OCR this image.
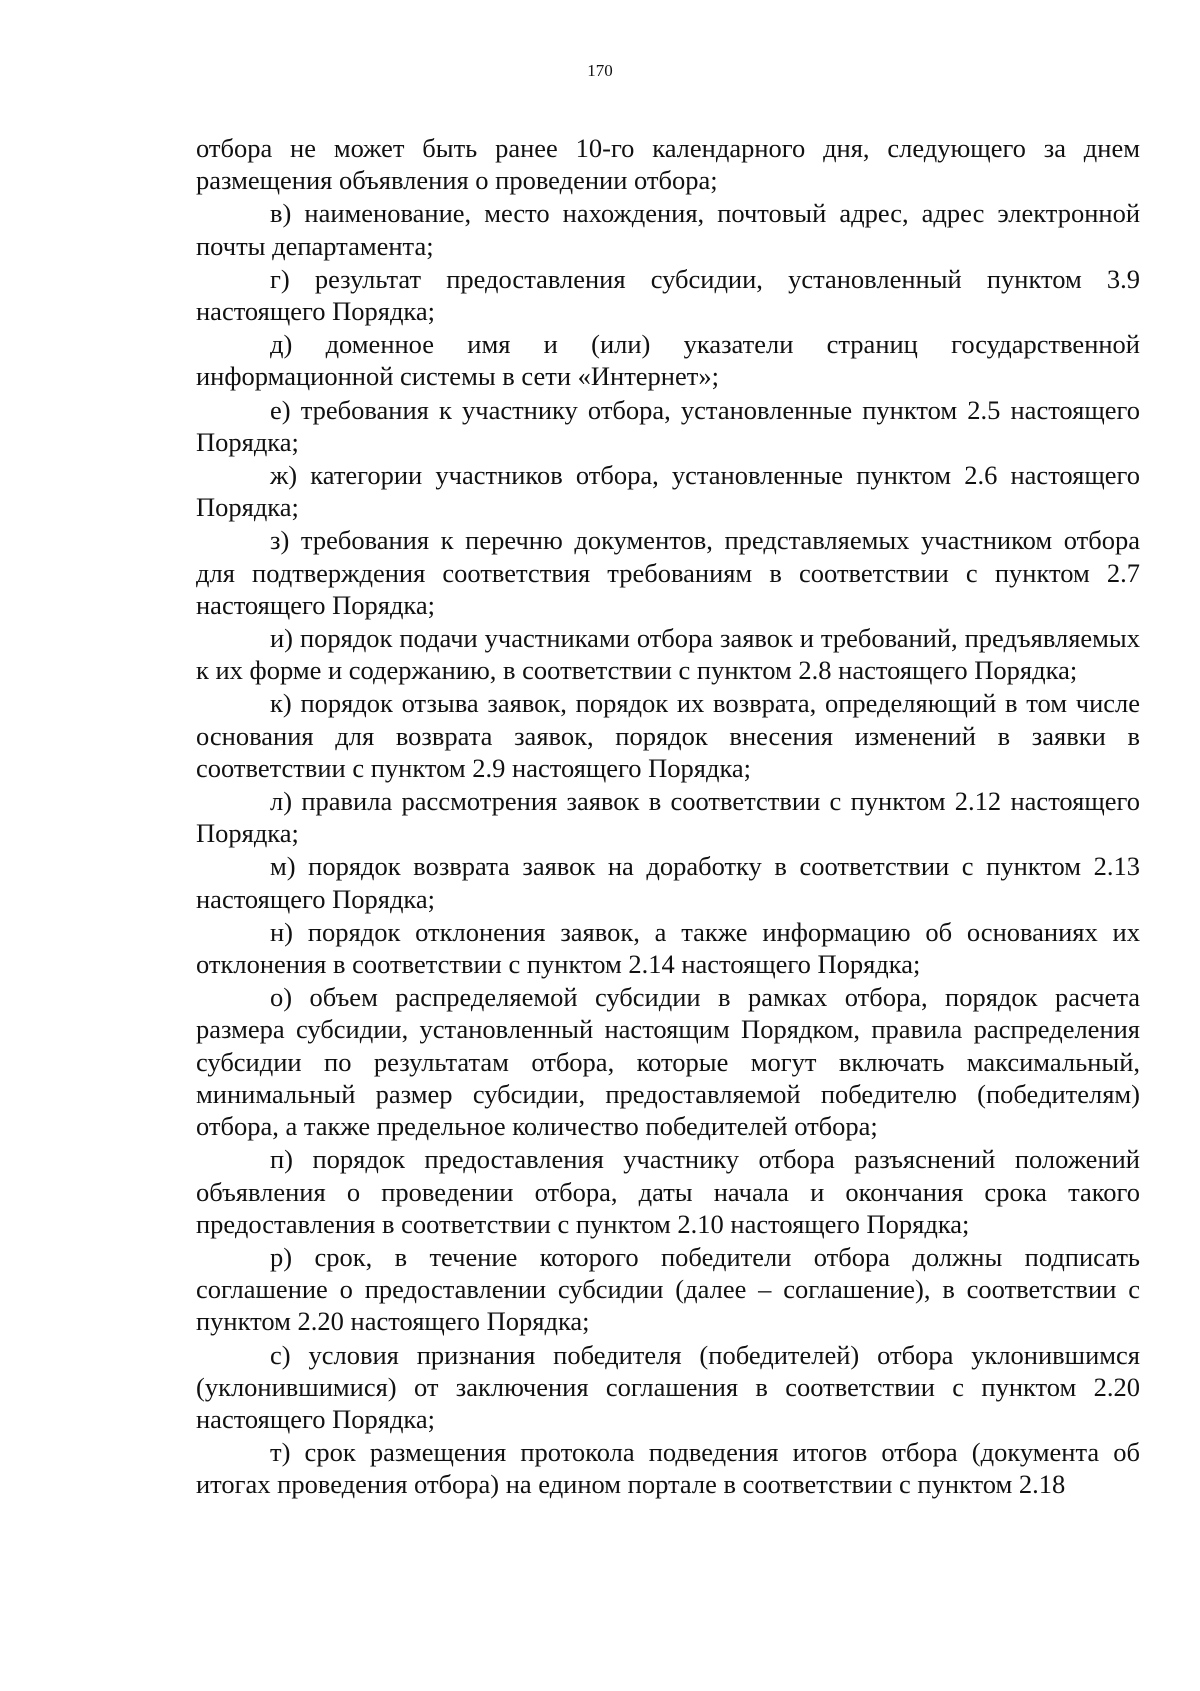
170

отбора не может быть ранее 10-го календарного дня, следующего за днем размещения объявления о проведении отбора;

в) наименование, место нахождения, почтовый адрес, адрес электронной почты департамента;

г) результат предоставления субсидии, установленный пунктом 3.9 настоящего Порядка;

д) доменное имя и (или) указатели страниц государственной информационной системы в сети «Интернет»;

е) требования к участнику отбора, установленные пунктом 2.5 настоящего Порядка;

ж) категории участников отбора, установленные пунктом 2.6 настоящего Порядка;

з) требования к перечню документов, представляемых участником отбора для подтверждения соответствия требованиям в соответствии с пунктом 2.7 настоящего Порядка;

и) порядок подачи участниками отбора заявок и требований, предъявляемых к их форме и содержанию, в соответствии с пунктом 2.8 настоящего Порядка;

к) порядок отзыва заявок, порядок их возврата, определяющий в том числе основания для возврата заявок, порядок внесения изменений в заявки в соответствии с пунктом 2.9 настоящего Порядка;

л) правила рассмотрения заявок в соответствии с пунктом 2.12 настоящего Порядка;

м) порядок возврата заявок на доработку в соответствии с пунктом 2.13 настоящего Порядка;

н) порядок отклонения заявок, а также информацию об основаниях их отклонения в соответствии с пунктом 2.14 настоящего Порядка;

о) объем распределяемой субсидии в рамках отбора, порядок расчета размера субсидии, установленный настоящим Порядком, правила распределения субсидии по результатам отбора, которые могут включать максимальный, минимальный размер субсидии, предоставляемой победителю (победителям) отбора, а также предельное количество победителей отбора;

п) порядок предоставления участнику отбора разъяснений положений объявления о проведении отбора, даты начала и окончания срока такого предоставления в соответствии с пунктом 2.10 настоящего Порядка;

р) срок, в течение которого победители отбора должны подписать соглашение о предоставлении субсидии (далее – соглашение), в соответствии с пунктом 2.20 настоящего Порядка;

с) условия признания победителя (победителей) отбора уклонившимся (уклонившимися) от заключения соглашения в соответствии с пунктом 2.20 настоящего Порядка;

т) срок размещения протокола подведения итогов отбора (документа об итогах проведения отбора) на едином портале в соответствии с пунктом 2.18
